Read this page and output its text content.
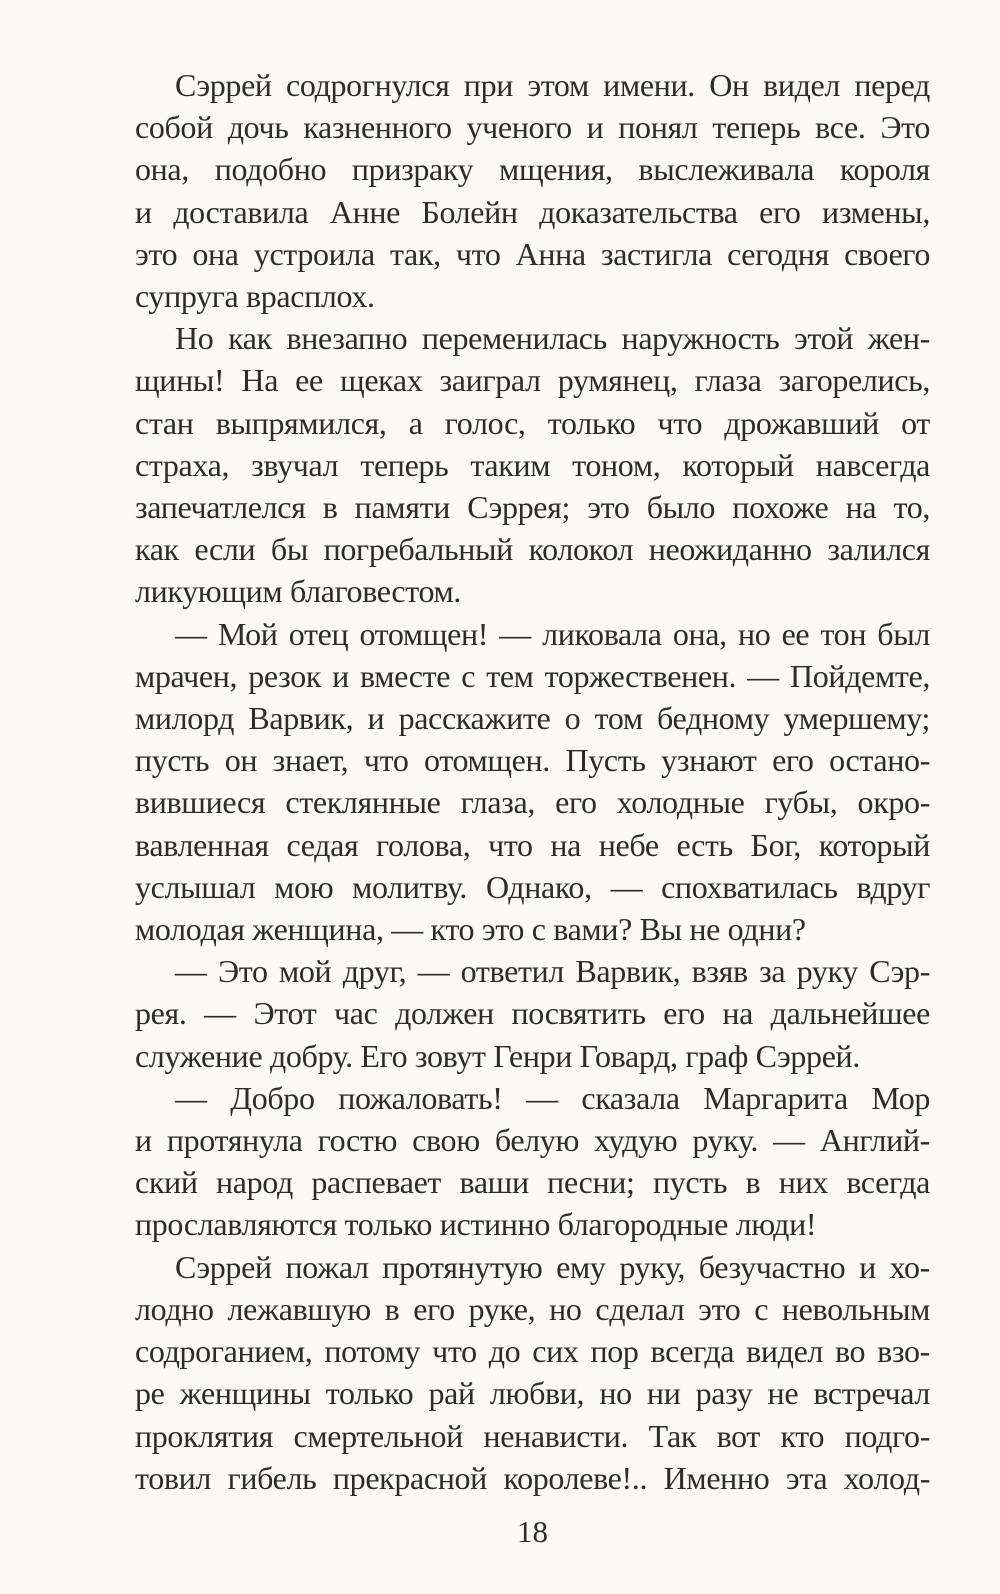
Сэррей содрогнулся при этом имени. Он видел перед
собой дочь казненного ученого и понял теперь все. Это
она, подобно призраку мщения, выслеживала короля
и доставила Анне Болейн доказательства его измены,
это она устроила так, что Анна застигла сегодня своего
супруга врасплох.
Но как внезапно переменилась наружность этой жен-
щины! На ее щеках заиграл румянец, глаза загорелись,
стан выпрямился, а голос, только что дрожавший от
страха, звучал теперь таким тоном, который навсегда
запечатлелся в памяти Сэррея; это было похоже на то,
как если бы погребальный колокол неожиданно залился
ликующим благовестом.
— Мой отец отомщен! — ликовала она, но ее тон был
мрачен, резок и вместе с тем торжественен. — Пойдемте,
милорд Варвик, и расскажите о том бедному умершему;
пусть он знает, что отомщен. Пусть узнают его остано-
вившиеся стеклянные глаза, его холодные губы, окро-
вавленная седая голова, что на небе есть Бог, который
услышал мою молитву. Однако, — спохватилась вдруг
молодая женщина, — кто это с вами? Вы не одни?
— Это мой друг, — ответил Варвик, взяв за руку Сэр-
рея. — Этот час должен посвятить его на дальнейшее
служение добру. Его зовут Генри Говард, граф Сэррей.
— Добро пожаловать! — сказала Маргарита Мор
и протянула гостю свою белую худую руку. — Англий-
ский народ распевает ваши песни; пусть в них всегда
прославляются только истинно благородные люди!
Сэррей пожал протянутую ему руку, безучастно и хо-
лодно лежавшую в его руке, но сделал это с невольным
содроганием, потому что до сих пор всегда видел во взо-
ре женщины только рай любви, но ни разу не встречал
проклятия смертельной ненависти. Так вот кто подго-
товил гибель прекрасной королеве!.. Именно эта холод-
18
